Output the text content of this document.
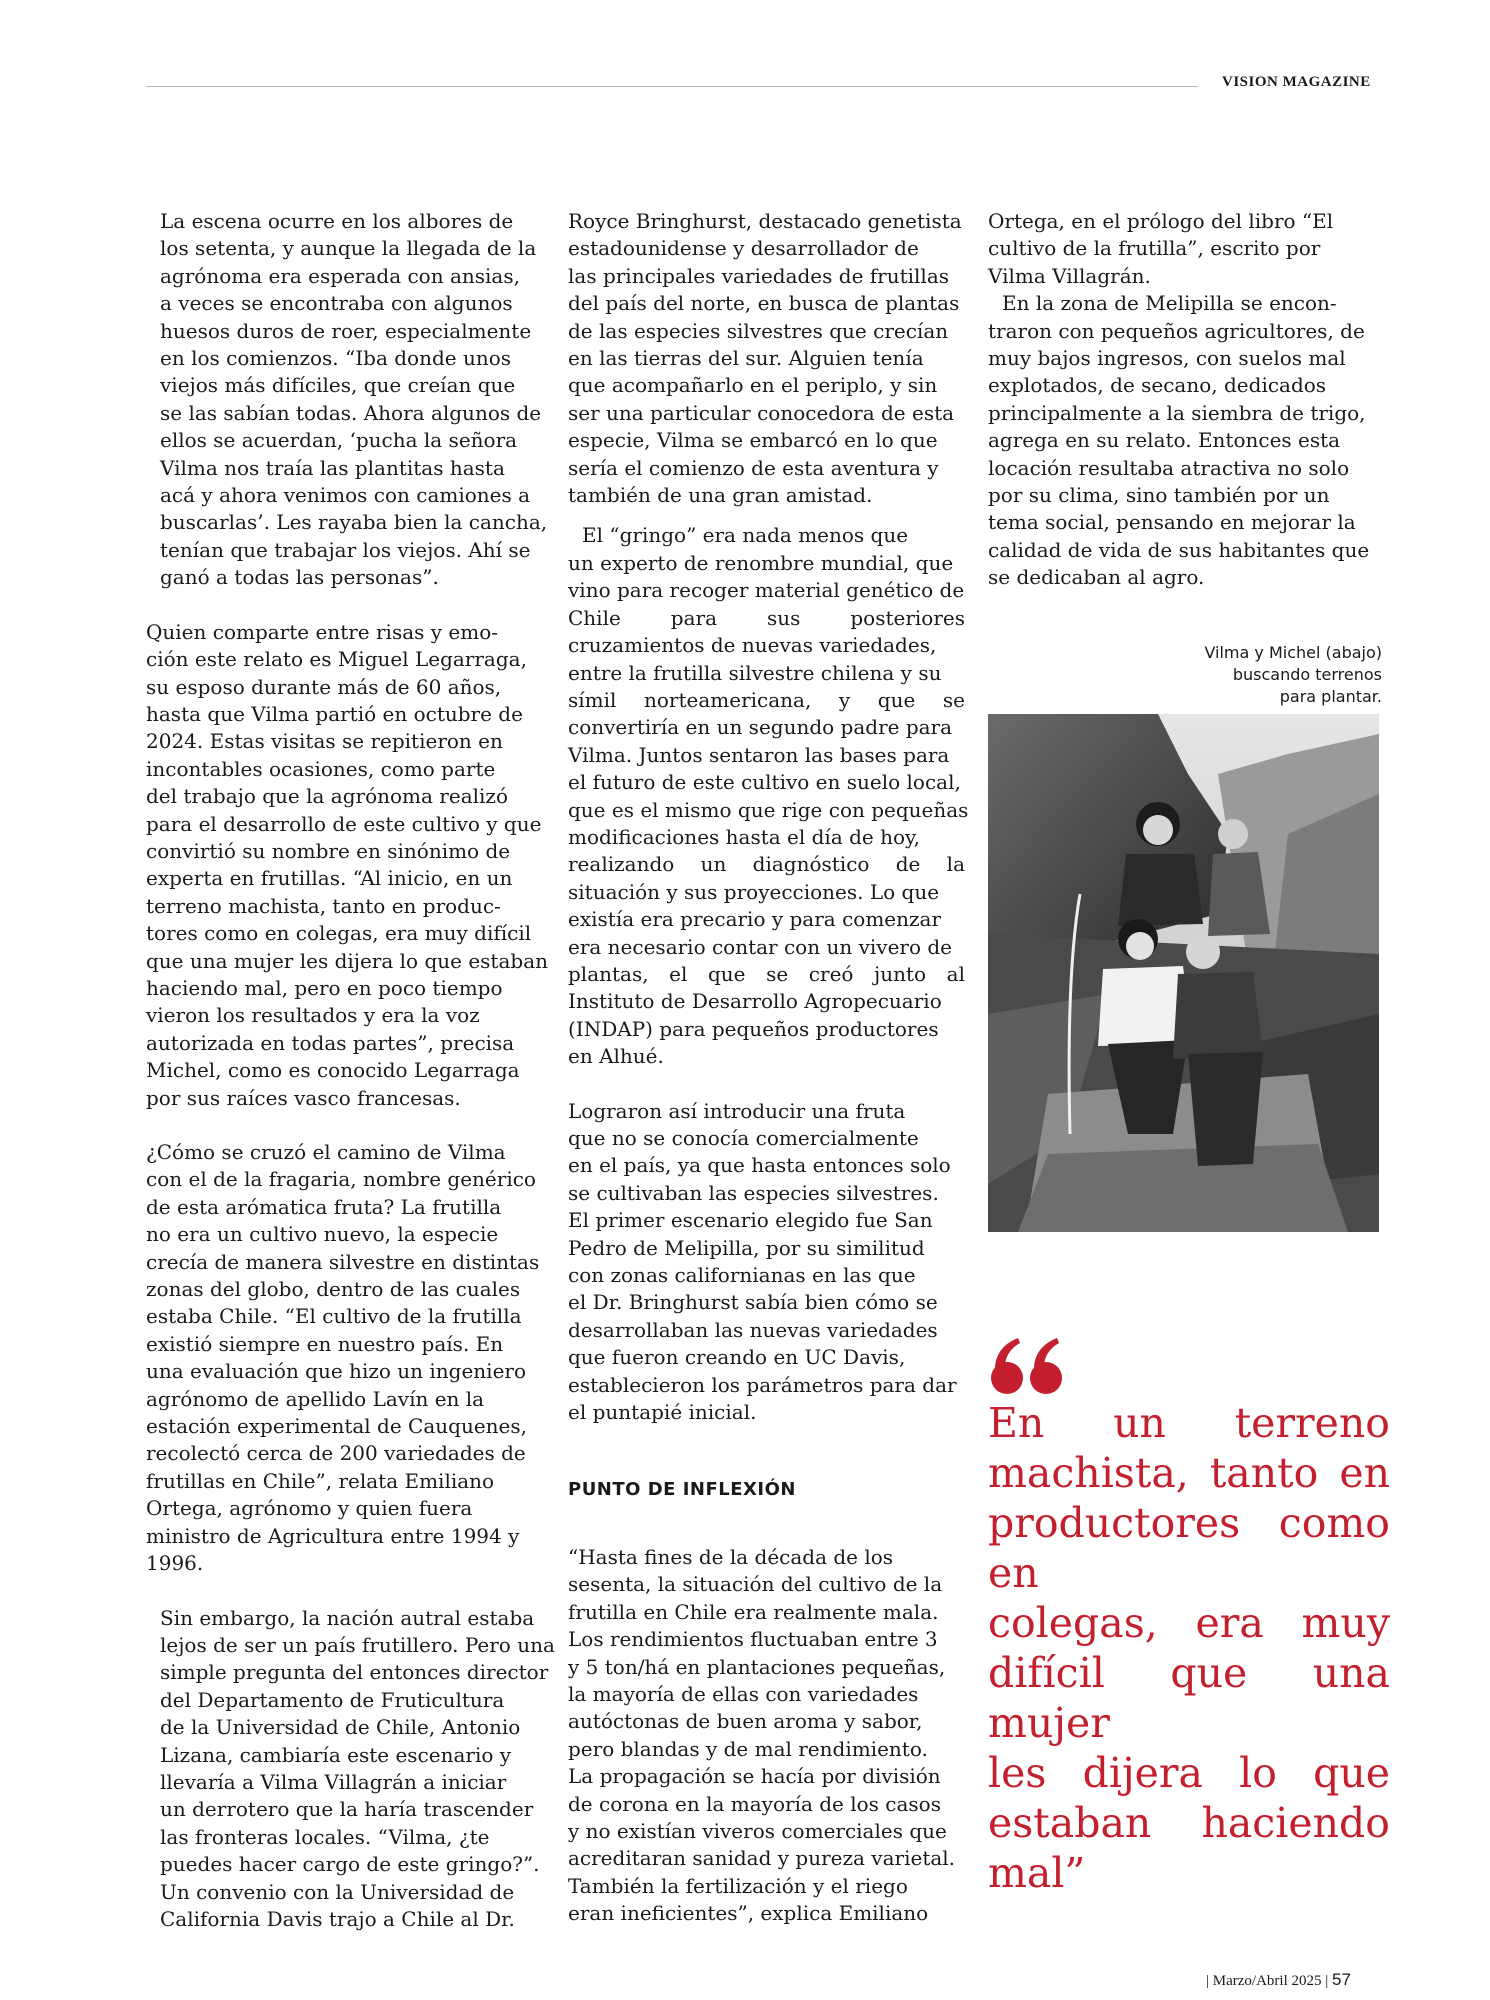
VISION MAGAZINE

La escena ocurre en los albores de
los setenta, y aunque la llegada de la
agrónoma era esperada con ansias,
a veces se encontraba con algunos
huesos duros de roer, especialmente
en los comienzos. “Iba donde unos
viejos más difíciles, que creían que
se las sabían todas. Ahora algunos de
ellos se acuerdan, ‘pucha la señora
Vilma nos traía las plantitas hasta
acá y ahora venimos con camiones a
buscarlas’. Les rayaba bien la cancha,
tenían que trabajar los viejos. Ahí se
ganó a todas las personas”.

Quien comparte entre risas y emo-
ción este relato es Miguel Legarraga,
su esposo durante más de 60 años,
hasta que Vilma partió en octubre de
2024. Estas visitas se repitieron en
incontables ocasiones, como parte
del trabajo que la agrónoma realizó
para el desarrollo de este cultivo y que
convirtió su nombre en sinónimo de
experta en frutillas. “Al inicio, en un
terreno machista, tanto en produc-
tores como en colegas, era muy difícil
que una mujer les dijera lo que estaban
haciendo mal, pero en poco tiempo
vieron los resultados y era la voz
autorizada en todas partes”, precisa
Michel, como es conocido Legarraga
por sus raíces vasco francesas.

¿Cómo se cruzó el camino de Vilma
con el de la fragaria, nombre genérico
de esta arómatica fruta? La frutilla
no era un cultivo nuevo, la especie
crecía de manera silvestre en distintas
zonas del globo, dentro de las cuales
estaba Chile. “El cultivo de la frutilla
existió siempre en nuestro país. En
una evaluación que hizo un ingeniero
agrónomo de apellido Lavín en la
estación experimental de Cauquenes,
recolectó cerca de 200 variedades de
frutillas en Chile”, relata Emiliano
Ortega, agrónomo y quien fuera
ministro de Agricultura entre 1994 y
1996.

Sin embargo, la nación autral estaba
lejos de ser un país frutillero. Pero una
simple pregunta del entonces director
del Departamento de Fruticultura
de la Universidad de Chile, Antonio
Lizana, cambiaría este escenario y
llevaría a Vilma Villagrán a iniciar
un derrotero que la haría trascender
las fronteras locales. “Vilma, ¿te
puedes hacer cargo de este gringo?”.
Un convenio con la Universidad de
California Davis trajo a Chile al Dr.

Royce Bringhurst, destacado genetista
estadounidense y desarrollador de
las principales variedades de frutillas
del país del norte, en busca de plantas
de las especies silvestres que crecían
en las tierras del sur. Alguien tenía
que acompañarlo en el periplo, y sin
ser una particular conocedora de esta
especie, Vilma se embarcó en lo que
sería el comienzo de esta aventura y
también de una gran amistad.

El “gringo” era nada menos que
un experto de renombre mundial, que
vino para recoger material genético de
Chile para sus posteriores
cruzamientos de nuevas variedades,
entre la frutilla silvestre chilena y su
símil norteamericana, y que se
convertiría en un segundo padre para
Vilma. Juntos sentaron las bases para
el futuro de este cultivo en suelo local,
que es el mismo que rige con pequeñas
modificaciones hasta el día de hoy,
realizando un diagnóstico de la
situación y sus proyecciones. Lo que
existía era precario y para comenzar
era necesario contar con un vivero de
plantas, el que se creó junto al
Instituto de Desarrollo Agropecuario
(INDAP) para pequeños productores
en Alhué.

Lograron así introducir una fruta
que no se conocía comercialmente
en el país, ya que hasta entonces solo
se cultivaban las especies silvestres.
El primer escenario elegido fue San
Pedro de Melipilla, por su similitud
con zonas californianas en las que
el Dr. Bringhurst sabía bien cómo se
desarrollaban las nuevas variedades
que fueron creando en UC Davis,
establecieron los parámetros para dar
el puntapié inicial.

PUNTO DE INFLEXIÓN

“Hasta fines de la década de los
sesenta, la situación del cultivo de la
frutilla en Chile era realmente mala.
Los rendimientos fluctuaban entre 3
y 5 ton/há en plantaciones pequeñas,
la mayoría de ellas con variedades
autóctonas de buen aroma y sabor,
pero blandas y de mal rendimiento.
La propagación se hacía por división
de corona en la mayoría de los casos
y no existían viveros comerciales que
acreditaran sanidad y pureza varietal.
También la fertilización y el riego
eran ineficientes”, explica Emiliano

Ortega, en el prólogo del libro “El
cultivo de la frutilla”, escrito por
Vilma Villagrán.

En la zona de Melipilla se encon-
traron con pequeños agricultores, de
muy bajos ingresos, con suelos mal
explotados, de secano, dedicados
principalmente a la siembra de trigo,
agrega en su relato. Entonces esta
locación resultaba atractiva no solo
por su clima, sino también por un
tema social, pensando en mejorar la
calidad de vida de sus habitantes que
se dedicaban al agro.

Vilma y Michel (abajo)
buscando terrenos
para plantar.
En un terreno
machista, tanto en
productores como en
colegas, era muy
difícil que una mujer
les dijera lo que
estaban haciendo
mal”
| Marzo/Abril 2025 | 57
